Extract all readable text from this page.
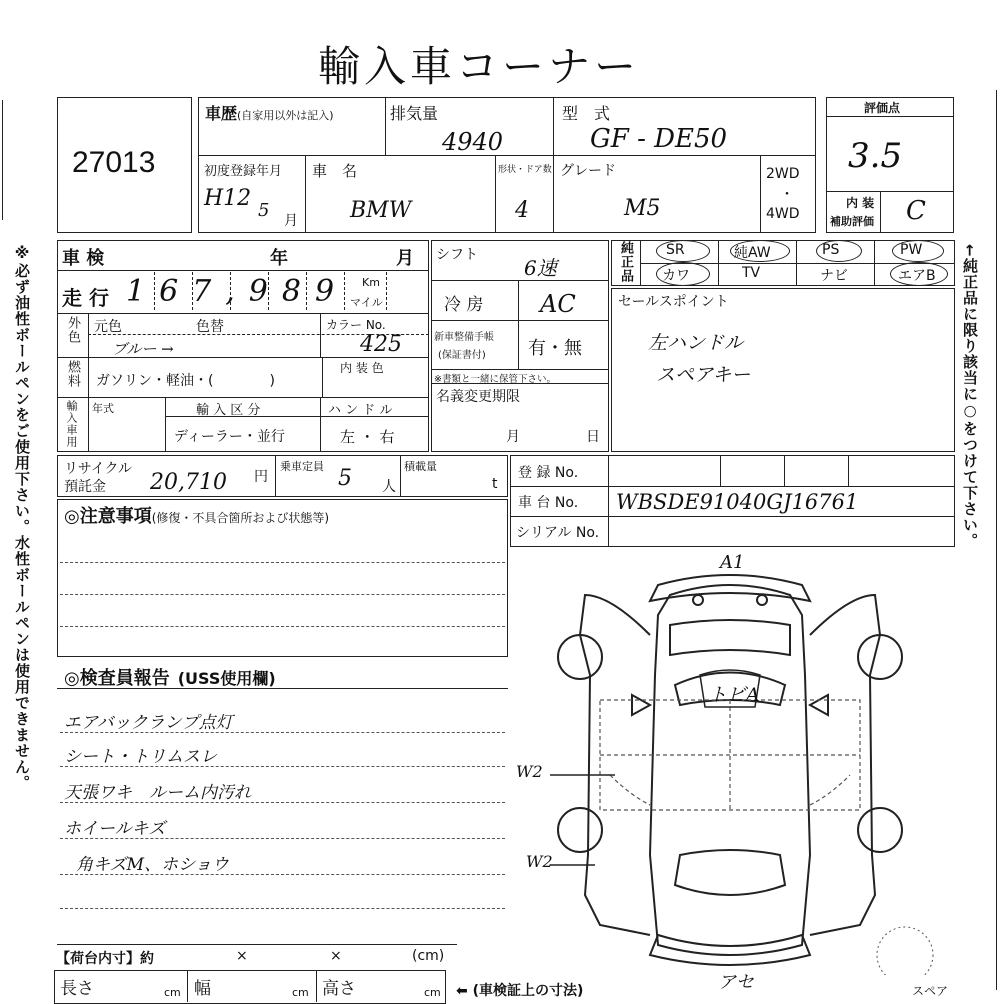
輸入車コーナー
※必ず油性ボールペンをご使用下さい。水性ボールペンは使用できません。	←純正品に限り該当に○をつけて下さい。
27013
車歴(自家用以外は記入)	排気量
4940
型　式
GF - DE50
初度登録年月
H12 5 月
車　名
BMW
形状・ドア数
4
グレード
M5
2WD
・
4WD
評価点
3.5
内 装
補助評価 C
車 検	年	月
走 行 167,989 Km
マイル
外色 元色	色替	カラー No.
ブルー →	425
燃料 ガソリン・軽油・(　　　　)
内 装 色
輸入車用 年式	輸 入 区 分
ディーラー・並行
ハ ン ド ル
左 ・ 右
シフト
6速
冷 房 AC
新車整備手帳
(保証書付) 有・無
※書類と一緒に保管下さい。
名義変更期限
月	日
純正品 SR	純AW	PS	PW
カワ	TV	ナビ	エアB
セールスポイント
左ハンドル
スペアキー
リサイクル
預託金 20,710 円
乗車定員 5 人
積載量
t
登 録 No.
車 台 No. WBSDE91040GJ16761
シリアル No.
◎注意事項(修復・不具合箇所および状態等)
◎検査員報告 (USS使用欄)
エアバックランプ点灯
シート・トリムスレ
天張ワキ　ルーム内汚れ
ホイールキズ
角キズM、ホショウ
【荷台内寸】約	×	×	(cm)
長さ	cm 幅	cm 高さ	cm ⬅ (車検証上の寸法)
A1
トビA
W2
W2
アセ	スペア
